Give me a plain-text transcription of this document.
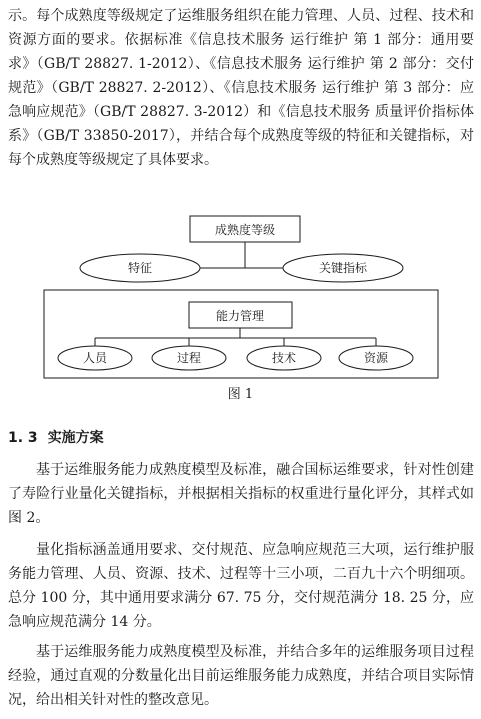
示。每个成熟度等级规定了运维服务组织在能力管理、人员、过程、技术和资源方面的要求。依据标准《信息技术服务 运行维护 第 1 部分：通用要求》（GB/T 28827. 1-2012）、《信息技术服务 运行维护 第 2 部分：交付规范》（GB/T 28827. 2-2012）、《信息技术服务 运行维护 第 3 部分：应急响应规范》（GB/T 28827. 3-2012）和《信息技术服务 质量评价指标体系》（GB/T 33850-2017），并结合每个成熟度等级的特征和关键指标，对每个成熟度等级规定了具体要求。

成熟度等级
特征	关键指标
能力管理
人员	过程	技术	资源
图 1
1. 3 实施方案

基于运维服务能力成熟度模型及标准，融合国标运维要求，针对性创建了寿险行业量化关键指标，并根据相关指标的权重进行量化评分，其样式如图 2。

量化指标涵盖通用要求、交付规范、应急响应规范三大项，运行维护服务能力管理、人员、资源、技术、过程等十三小项，二百九十六个明细项。总分 100 分，其中通用要求满分 67. 75 分，交付规范满分 18. 25 分，应急响应规范满分 14 分。

基于运维服务能力成熟度模型及标准，并结合多年的运维服务项目过程经验，通过直观的分数量化出目前运维服务能力成熟度，并结合项目实际情况，给出相关针对性的整改意见。
